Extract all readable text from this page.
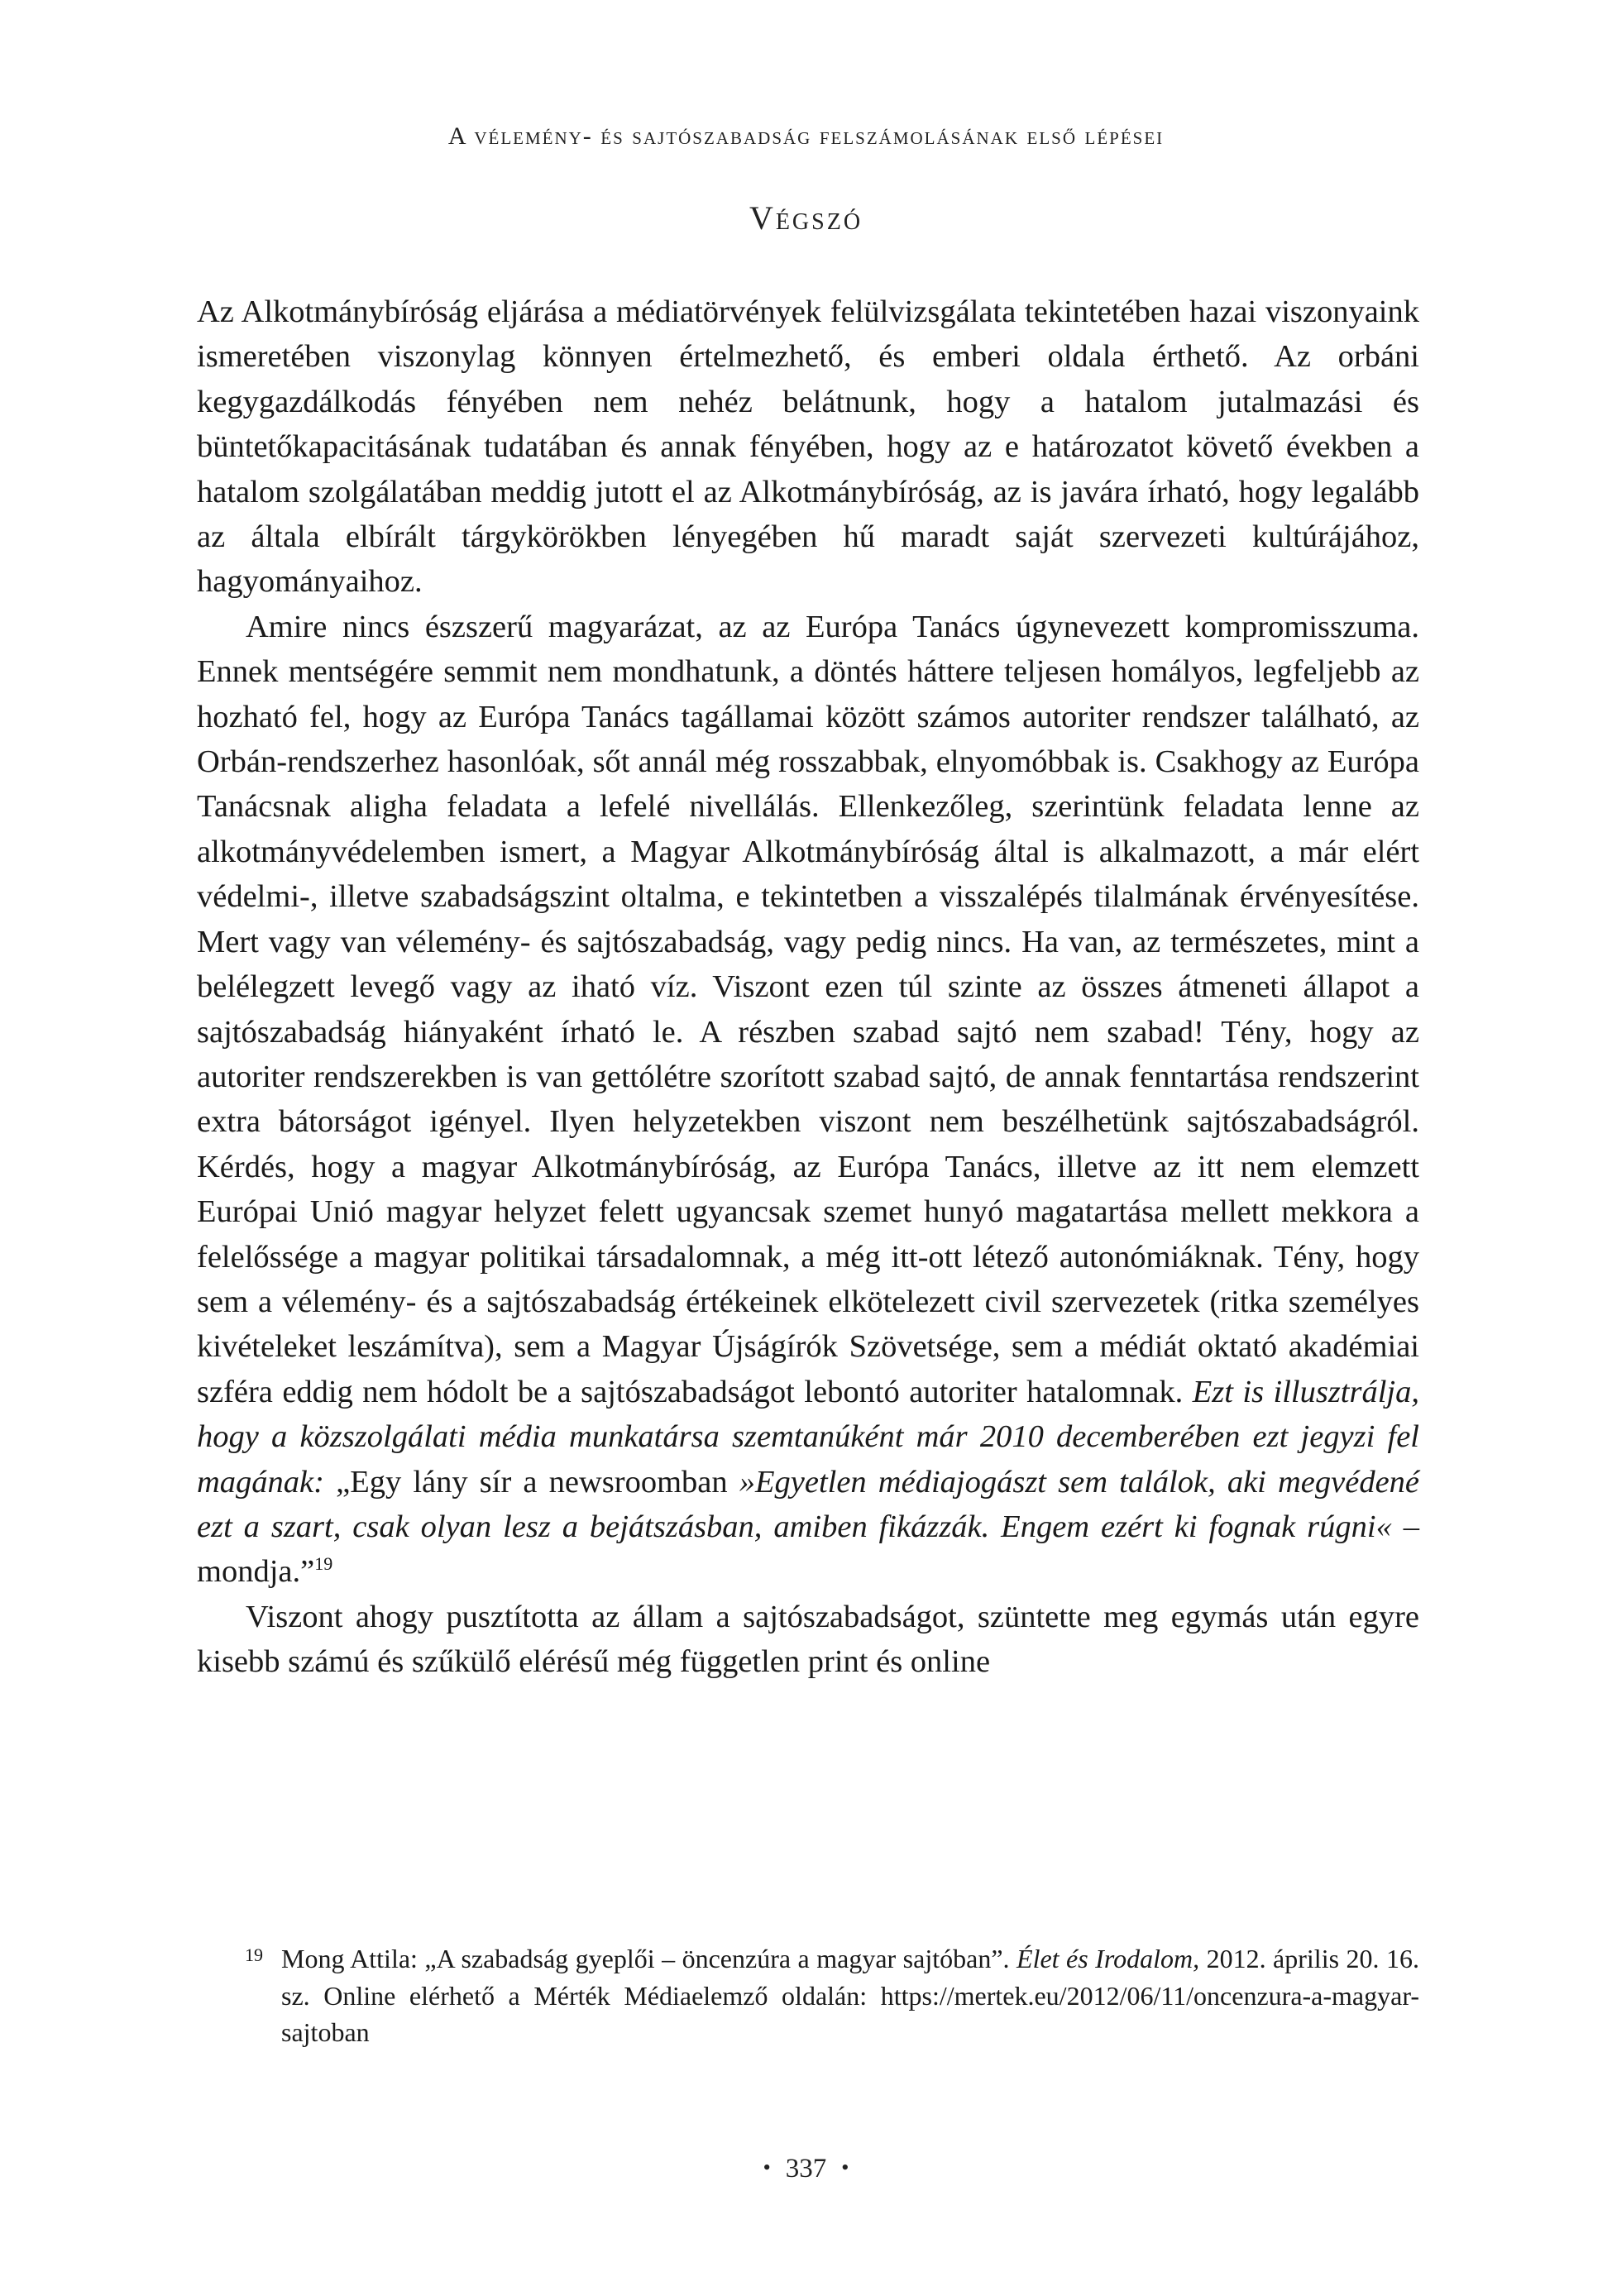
A vélemény- és sajtószabadság felszámolásának első lépései
Végszó

Az Alkotmánybíróság eljárása a médiatörvények felülvizsgálata tekintetében hazai viszonyaink ismeretében viszonylag könnyen értelmezhető, és emberi oldala érthető. Az orbáni kegygazdálkodás fényében nem nehéz belátnunk, hogy a hatalom jutalmazási és büntetőkapacitásának tudatában és annak fényében, hogy az e határozatot követő években a hatalom szolgálatában meddig jutott el az Alkotmánybíróság, az is javára írható, hogy legalább az általa elbírált tárgykörökben lényegében hű maradt saját szervezeti kultúrájához, hagyományaihoz.

Amire nincs észszerű magyarázat, az az Európa Tanács úgynevezett kompromisszuma. Ennek mentségére semmit nem mondhatunk, a döntés háttere teljesen homályos, legfeljebb az hozható fel, hogy az Európa Tanács tagállamai között számos autoriter rendszer található, az Orbán-rendszerhez hasonlóak, sőt annál még rosszabbak, elnyomóbbak is. Csakhogy az Európa Tanácsnak aligha feladata a lefelé nivellálás. Ellenkezőleg, szerintünk feladata lenne az alkotmányvédelemben ismert, a Magyar Alkotmánybíróság által is alkalmazott, a már elért védelmi-, illetve szabadságszint oltalma, e tekintetben a visszalépés tilalmának érvényesítése. Mert vagy van vélemény- és sajtószabadság, vagy pedig nincs. Ha van, az természetes, mint a belélegzett levegő vagy az iható víz. Viszont ezen túl szinte az összes átmeneti állapot a sajtószabadság hiányaként írható le. A részben szabad sajtó nem szabad! Tény, hogy az autoriter rendszerekben is van gettólétre szorított szabad sajtó, de annak fenntartása rendszerint extra bátorságot igényel. Ilyen helyzetekben viszont nem beszélhetünk sajtószabadságról. Kérdés, hogy a magyar Alkotmánybíróság, az Európa Tanács, illetve az itt nem elemzett Európai Unió magyar helyzet felett ugyancsak szemet hunyó magatartása mellett mekkora a felelőssége a magyar politikai társadalomnak, a még itt-ott létező autonómiáknak. Tény, hogy sem a vélemény- és a sajtószabadság értékeinek elkötelezett civil szervezetek (ritka személyes kivételeket leszámítva), sem a Magyar Újságírók Szövetsége, sem a médiát oktató akadémiai szféra eddig nem hódolt be a sajtószabadságot lebontó autoriter hatalomnak. Ezt is illusztrálja, hogy a közszolgálati média munkatársa szemtanúként már 2010 decemberében ezt jegyzi fel magának: „Egy lány sír a newsroomban »Egyetlen médiajogászt sem találok, aki megvédené ezt a szart, csak olyan lesz a bejátszásban, amiben fikázzák. Engem ezért ki fognak rúgni« – mondja.”$^{19}$

Viszont ahogy pusztította az állam a sajtószabadságot, szüntette meg egymás után egyre kisebb számú és szűkülő elérésű még független print és online

19 Mong Attila: „A szabadság gyeplői – öncenzúra a magyar sajtóban”. Élet és Irodalom, 2012. április 20. 16. sz. Online elérhető a Mérték Médiaelemző oldalán: https://mertek.eu/2012/06/11/oncenzura-a-magyar-sajtoban
• 337 •
